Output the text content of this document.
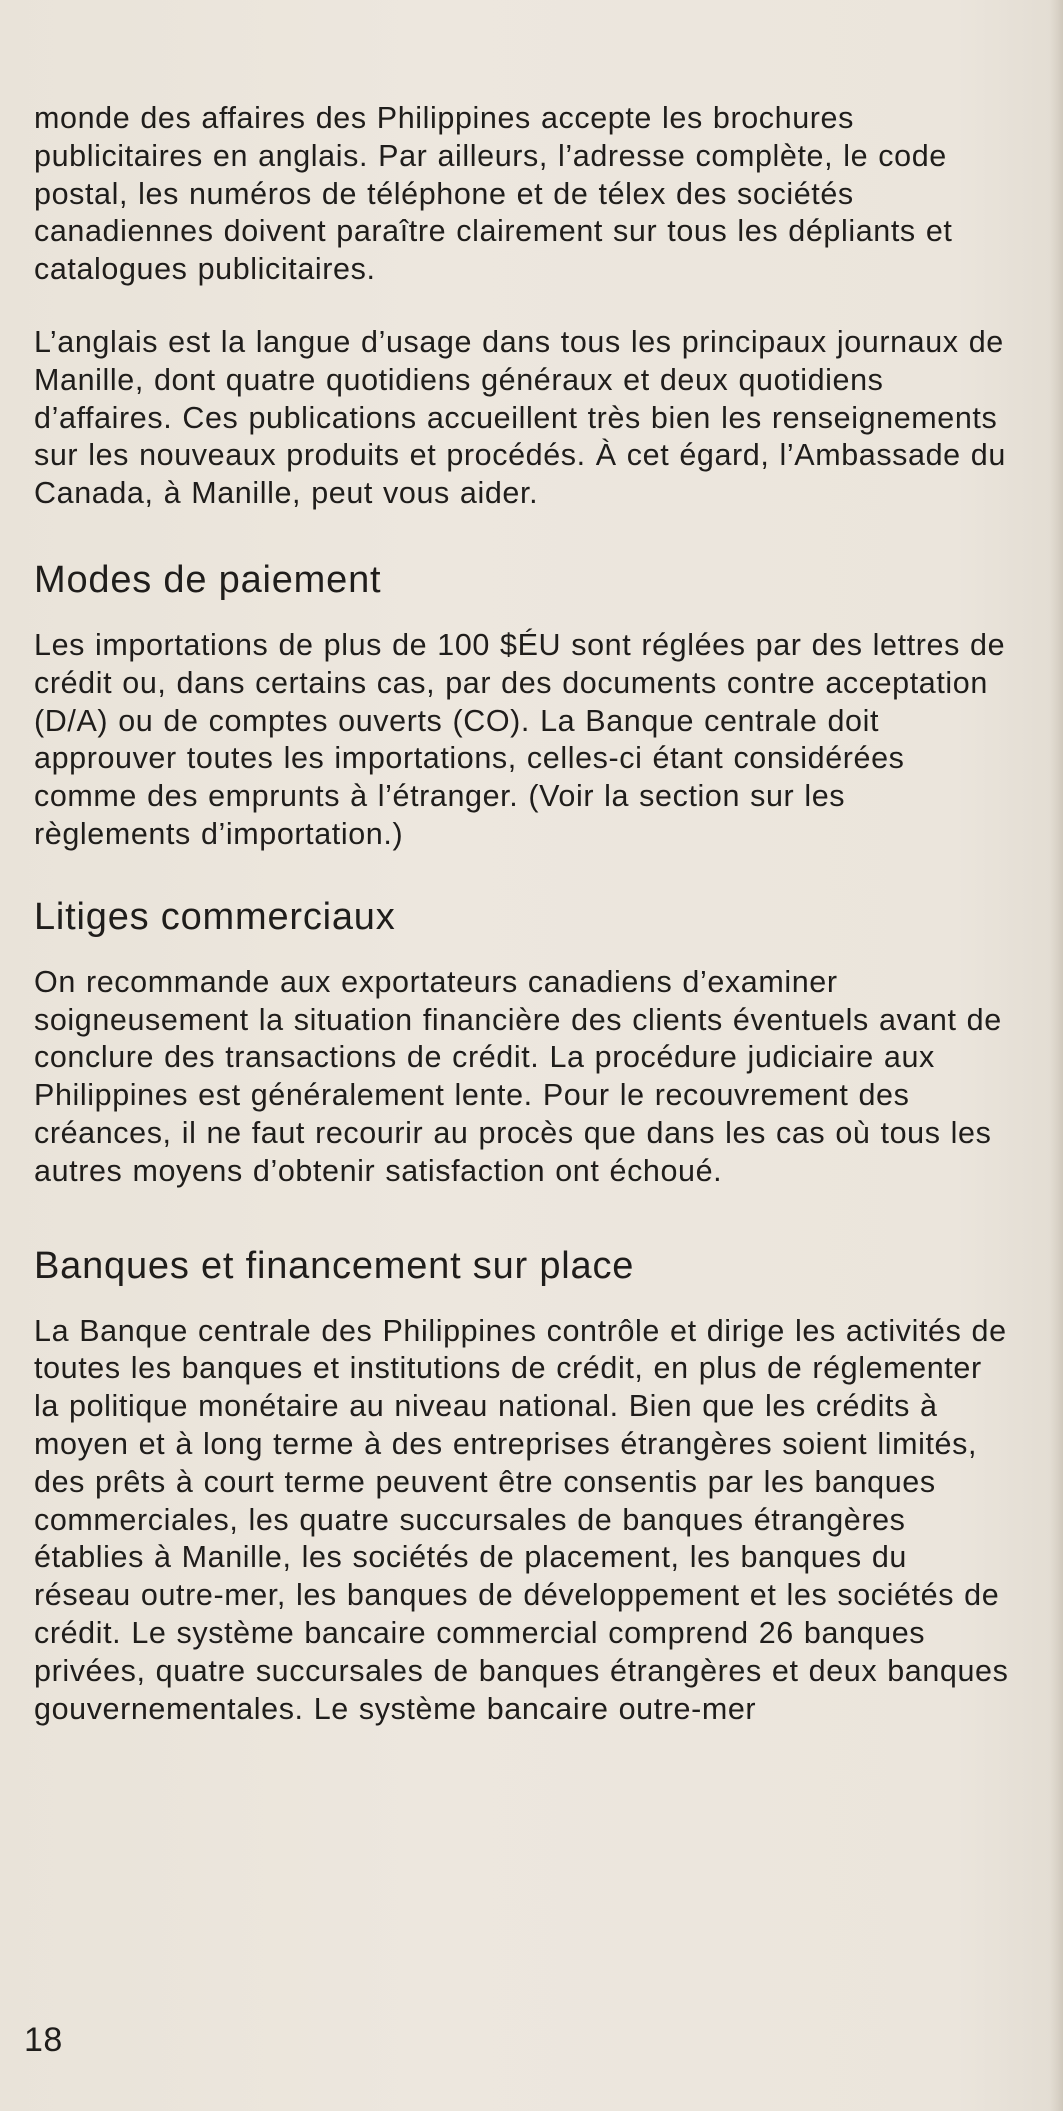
monde des affaires des Philippines accepte les brochures publicitaires en anglais. Par ailleurs, l’adresse complète, le code postal, les numéros de téléphone et de télex des sociétés canadiennes doivent paraître clairement sur tous les dépliants et catalogues publicitaires.

L’anglais est la langue d’usage dans tous les principaux journaux de Manille, dont quatre quotidiens généraux et deux quotidiens d’affaires. Ces publications accueillent très bien les renseignements sur les nouveaux produits et procédés. À cet égard, l’Ambassade du Canada, à Manille, peut vous aider.

Modes de paiement

Les importations de plus de 100 $ÉU sont réglées par des lettres de crédit ou, dans certains cas, par des documents contre acceptation (D/A) ou de comptes ouverts (CO). La Banque centrale doit approuver toutes les importations, celles-ci étant considérées comme des emprunts à l’étranger. (Voir la section sur les règlements d’importation.)

Litiges commerciaux

On recommande aux exportateurs canadiens d’examiner soigneusement la situation financière des clients éventuels avant de conclure des transactions de crédit. La procédure judiciaire aux Philippines est généralement lente. Pour le recouvrement des créances, il ne faut recourir au procès que dans les cas où tous les autres moyens d’obtenir satisfaction ont échoué.

Banques et financement sur place

La Banque centrale des Philippines contrôle et dirige les activités de toutes les banques et institutions de crédit, en plus de réglementer la politique monétaire au niveau national. Bien que les crédits à moyen et à long terme à des entreprises étrangères soient limités, des prêts à court terme peuvent être consentis par les banques commerciales, les quatre succursales de banques étrangères établies à Manille, les sociétés de placement, les banques du réseau outre-mer, les banques de développement et les sociétés de crédit. Le système bancaire commercial comprend 26 banques privées, quatre succursales de banques étrangères et deux banques gouvernementales. Le système bancaire outre-mer

18
